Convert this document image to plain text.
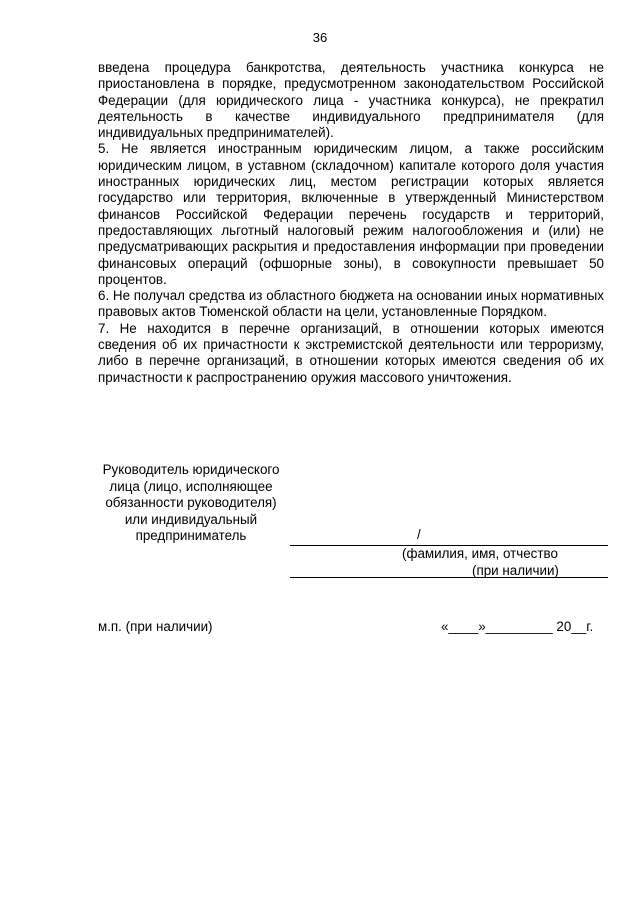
36

введена процедура банкротства, деятельность участника конкурса не приостановлена в порядке, предусмотренном законодательством Российской Федерации (для юридического лица - участника конкурса), не прекратил деятельность в качестве индивидуального предпринимателя (для индивидуальных предпринимателей).

5. Не является иностранным юридическим лицом, а также российским юридическим лицом, в уставном (складочном) капитале которого доля участия иностранных юридических лиц, местом регистрации которых является государство или территория, включенные в утвержденный Министерством финансов Российской Федерации перечень государств и территорий, предоставляющих льготный налоговый режим налогообложения и (или) не предусматривающих раскрытия и предоставления информации при проведении финансовых операций (офшорные зоны), в совокупности превышает 50 процентов.

6. Не получал средства из областного бюджета на основании иных нормативных правовых актов Тюменской области на цели, установленные Порядком.

7. Не находится в перечне организаций, в отношении которых имеются сведения об их причастности к экстремистской деятельности или терроризму, либо в перечне организаций, в отношении которых имеются сведения об их причастности к распространению оружия массового уничтожения.

Руководитель юридического
лица (лицо, исполняющее
обязанности руководителя)
или индивидуальный
предприниматель	/
(фамилия, имя, отчество
(при наличии)
м.п. (при наличии)	«____»_________ 20__г.
